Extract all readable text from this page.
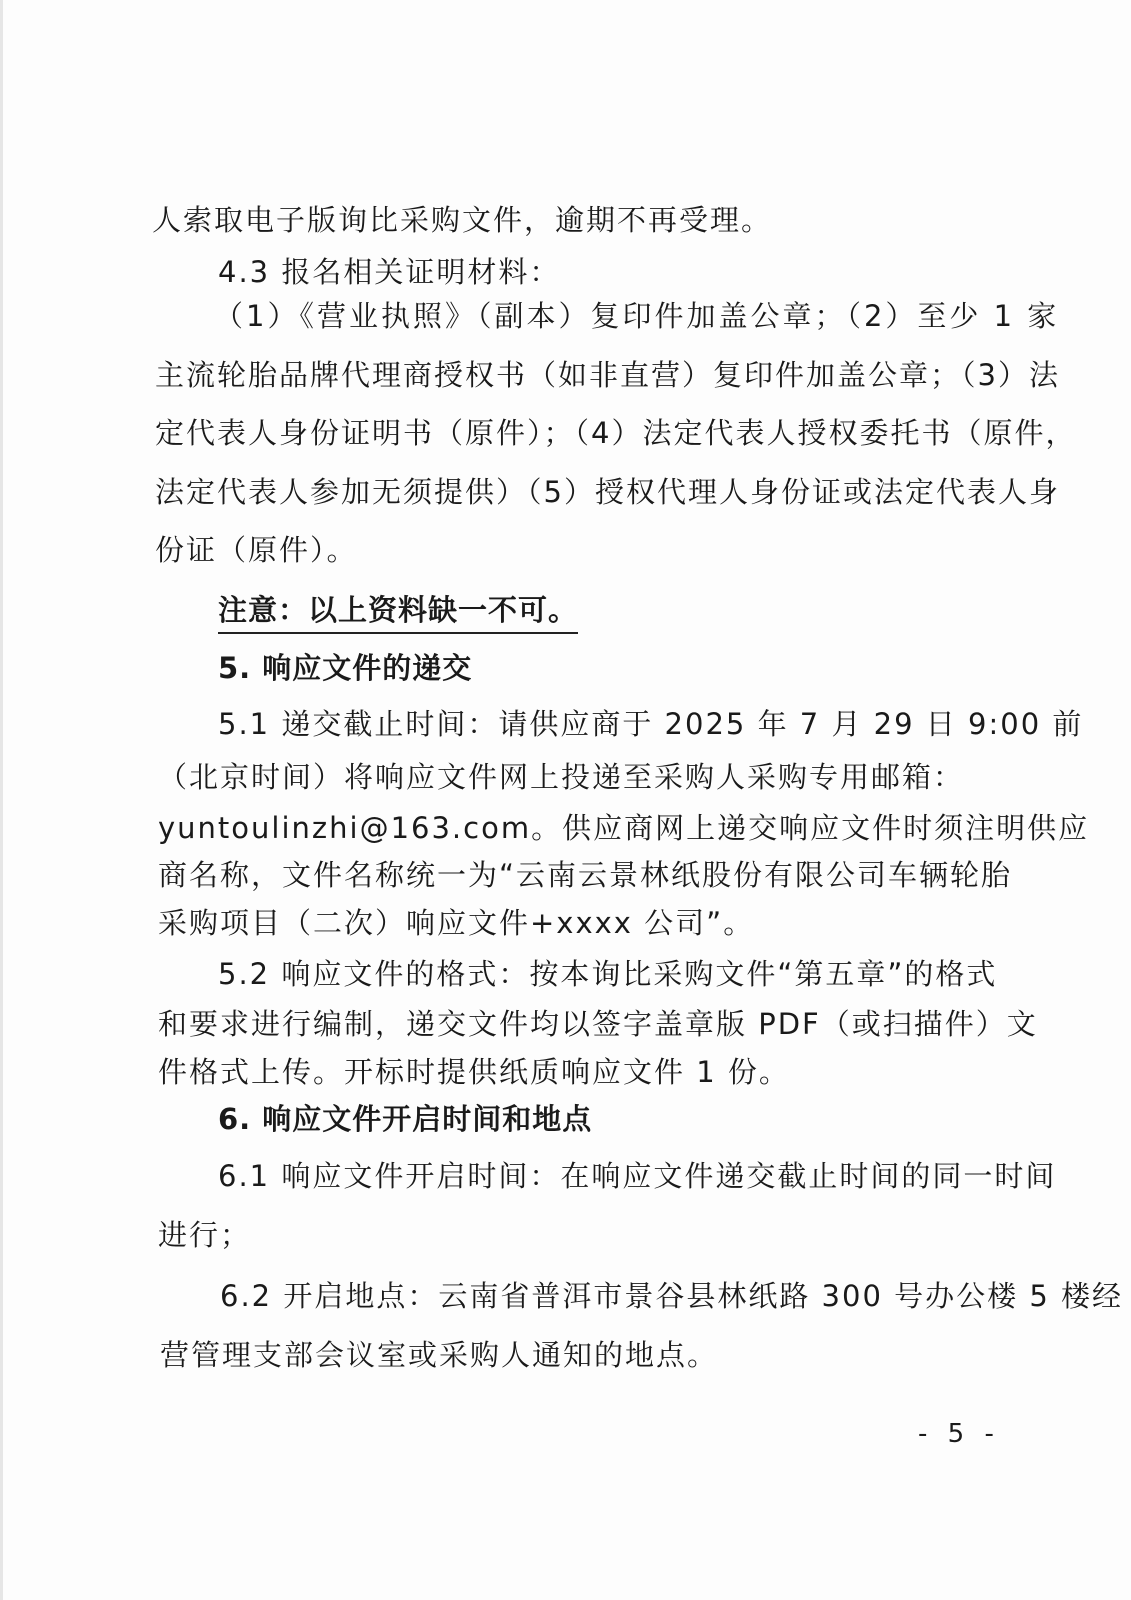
人索取电子版询比采购文件，逾期不再受理。
4.3 报名相关证明材料：
（1）《营业执照》（副本）复印件加盖公章；（2）至少 1 家
主流轮胎品牌代理商授权书（如非直营）复印件加盖公章；（3）法
定代表人身份证明书（原件）；（4）法定代表人授权委托书（原件，
法定代表人参加无须提供）（5）授权代理人身份证或法定代表人身
份证（原件）。
注意：以上资料缺一不可。
5. 响应文件的递交
5.1 递交截止时间：请供应商于 2025 年 7 月 29 日 9:00 前
（北京时间）将响应文件网上投递至采购人采购专用邮箱：
yuntoulinzhi@163.com。供应商网上递交响应文件时须注明供应
商名称，文件名称统一为“云南云景林纸股份有限公司车辆轮胎
采购项目（二次）响应文件+xxxx 公司”。
5.2 响应文件的格式：按本询比采购文件“第五章”的格式
和要求进行编制，递交文件均以签字盖章版 PDF（或扫描件）文
件格式上传。开标时提供纸质响应文件 1 份。
6. 响应文件开启时间和地点
6.1 响应文件开启时间：在响应文件递交截止时间的同一时间
进行；
6.2 开启地点：云南省普洱市景谷县林纸路 300 号办公楼 5 楼经
营管理支部会议室或采购人通知的地点。
- 5 -
